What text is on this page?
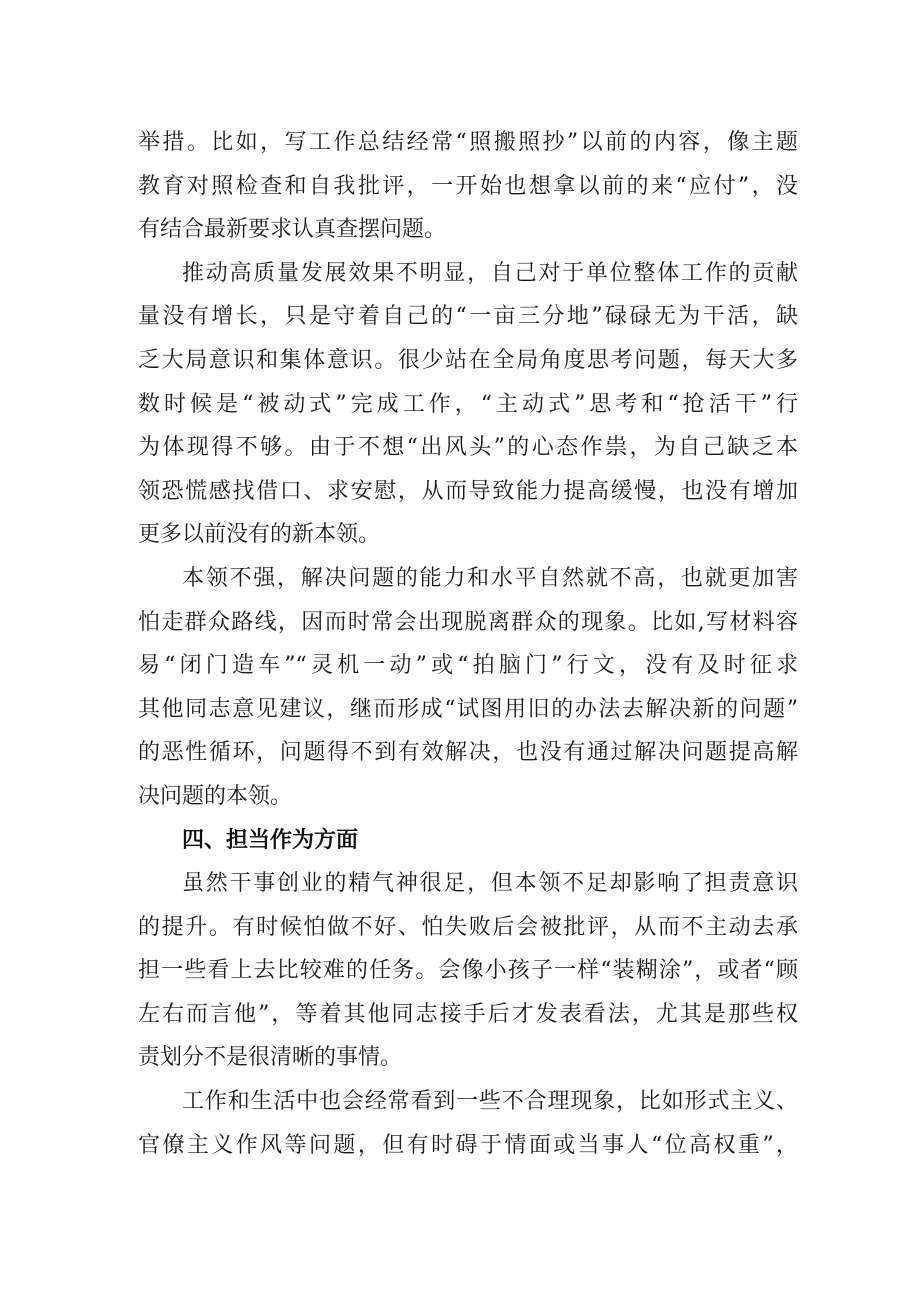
举措。比如，写工作总结经常“照搬照抄”以前的内容，像主题
教育对照检查和自我批评，一开始也想拿以前的来“应付”，没
有结合最新要求认真查摆问题。
推动高质量发展效果不明显，自己对于单位整体工作的贡献
量没有增长，只是守着自己的“一亩三分地”碌碌无为干活，缺
乏大局意识和集体意识。很少站在全局角度思考问题，每天大多
数时候是“被动式”完成工作，“主动式”思考和“抢活干”行
为体现得不够。由于不想“出风头”的心态作祟，为自己缺乏本
领恐慌感找借口、求安慰，从而导致能力提高缓慢，也没有增加
更多以前没有的新本领。
本领不强，解决问题的能力和水平自然就不高，也就更加害
怕走群众路线，因而时常会出现脱离群众的现象。比如,写材料容
易“闭门造车”“灵机一动”或“拍脑门”行文，没有及时征求
其他同志意见建议，继而形成“试图用旧的办法去解决新的问题”
的恶性循环，问题得不到有效解决，也没有通过解决问题提高解
决问题的本领。
四、担当作为方面
虽然干事创业的精气神很足，但本领不足却影响了担责意识
的提升。有时候怕做不好、怕失败后会被批评，从而不主动去承
担一些看上去比较难的任务。会像小孩子一样“装糊涂”，或者“顾
左右而言他”，等着其他同志接手后才发表看法，尤其是那些权
责划分不是很清晰的事情。
工作和生活中也会经常看到一些不合理现象，比如形式主义、
官僚主义作风等问题，但有时碍于情面或当事人“位高权重”，
